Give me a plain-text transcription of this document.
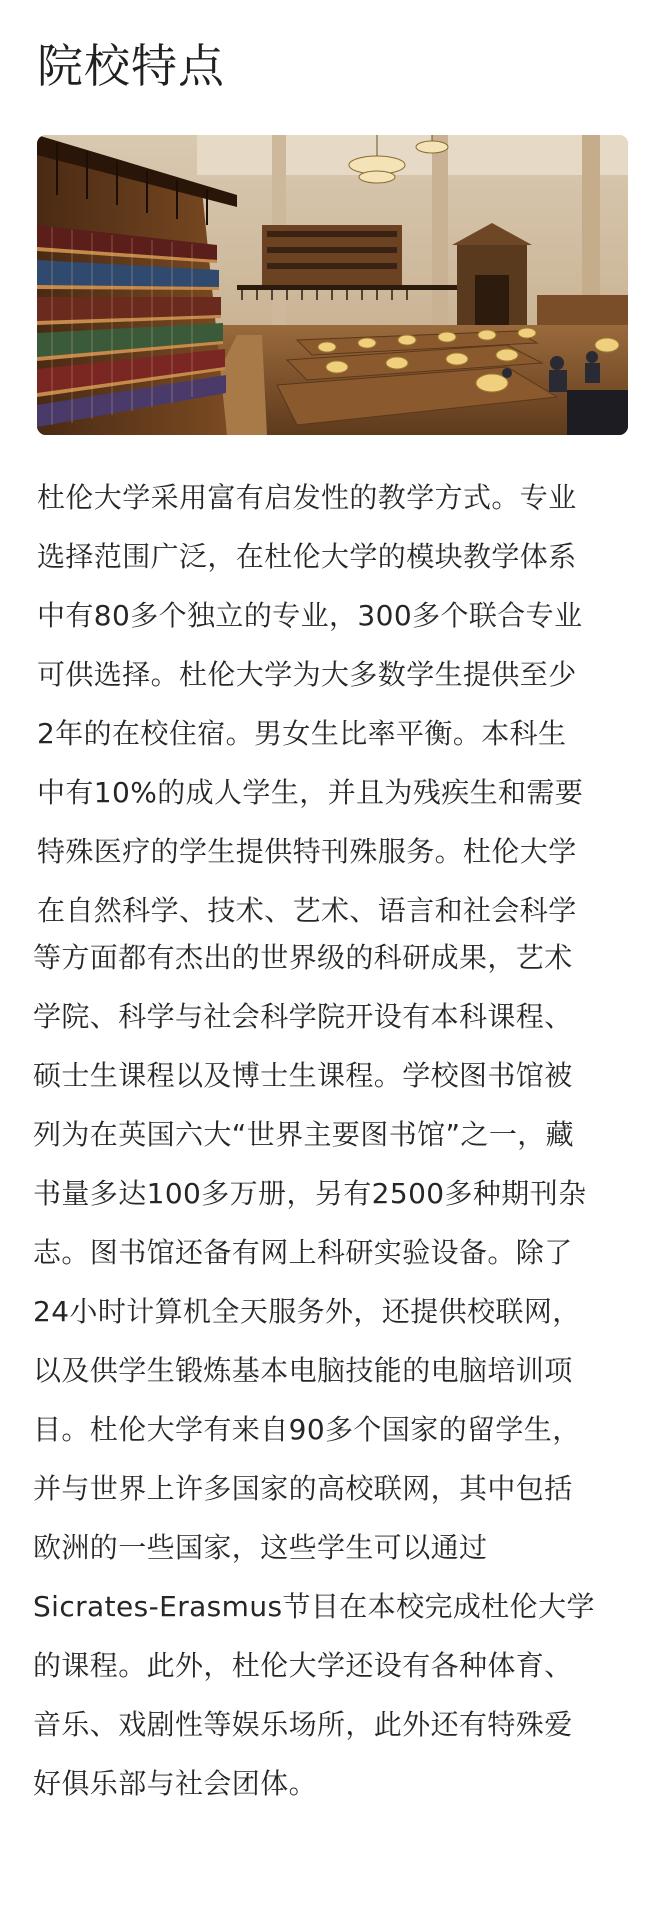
院校特点

杜伦大学采用富有启发性的教学方式。专业
选择范围广泛，在杜伦大学的模块教学体系
中有80多个独立的专业，300多个联合专业
可供选择。杜伦大学为大多数学生提供至少
2年的在校住宿。男女生比率平衡。本科生
中有10%的成人学生，并且为残疾生和需要
特殊医疗的学生提供特刊殊服务。杜伦大学
在自然科学、技术、艺术、语言和社会科学

等方面都有杰出的世界级的科研成果，艺术
学院、科学与社会科学院开设有本科课程、
硕士生课程以及博士生课程。学校图书馆被
列为在英国六大“世界主要图书馆”之一，藏
书量多达100多万册，另有2500多种期刊杂
志。图书馆还备有网上科研实验设备。除了
24小时计算机全天服务外，还提供校联网，
以及供学生锻炼基本电脑技能的电脑培训项
目。杜伦大学有来自90多个国家的留学生，
并与世界上许多国家的高校联网，其中包括
欧洲的一些国家，这些学生可以通过
Sicrates-Erasmus节目在本校完成杜伦大学
的课程。此外，杜伦大学还设有各种体育、
音乐、戏剧性等娱乐场所，此外还有特殊爱
好俱乐部与社会团体。
